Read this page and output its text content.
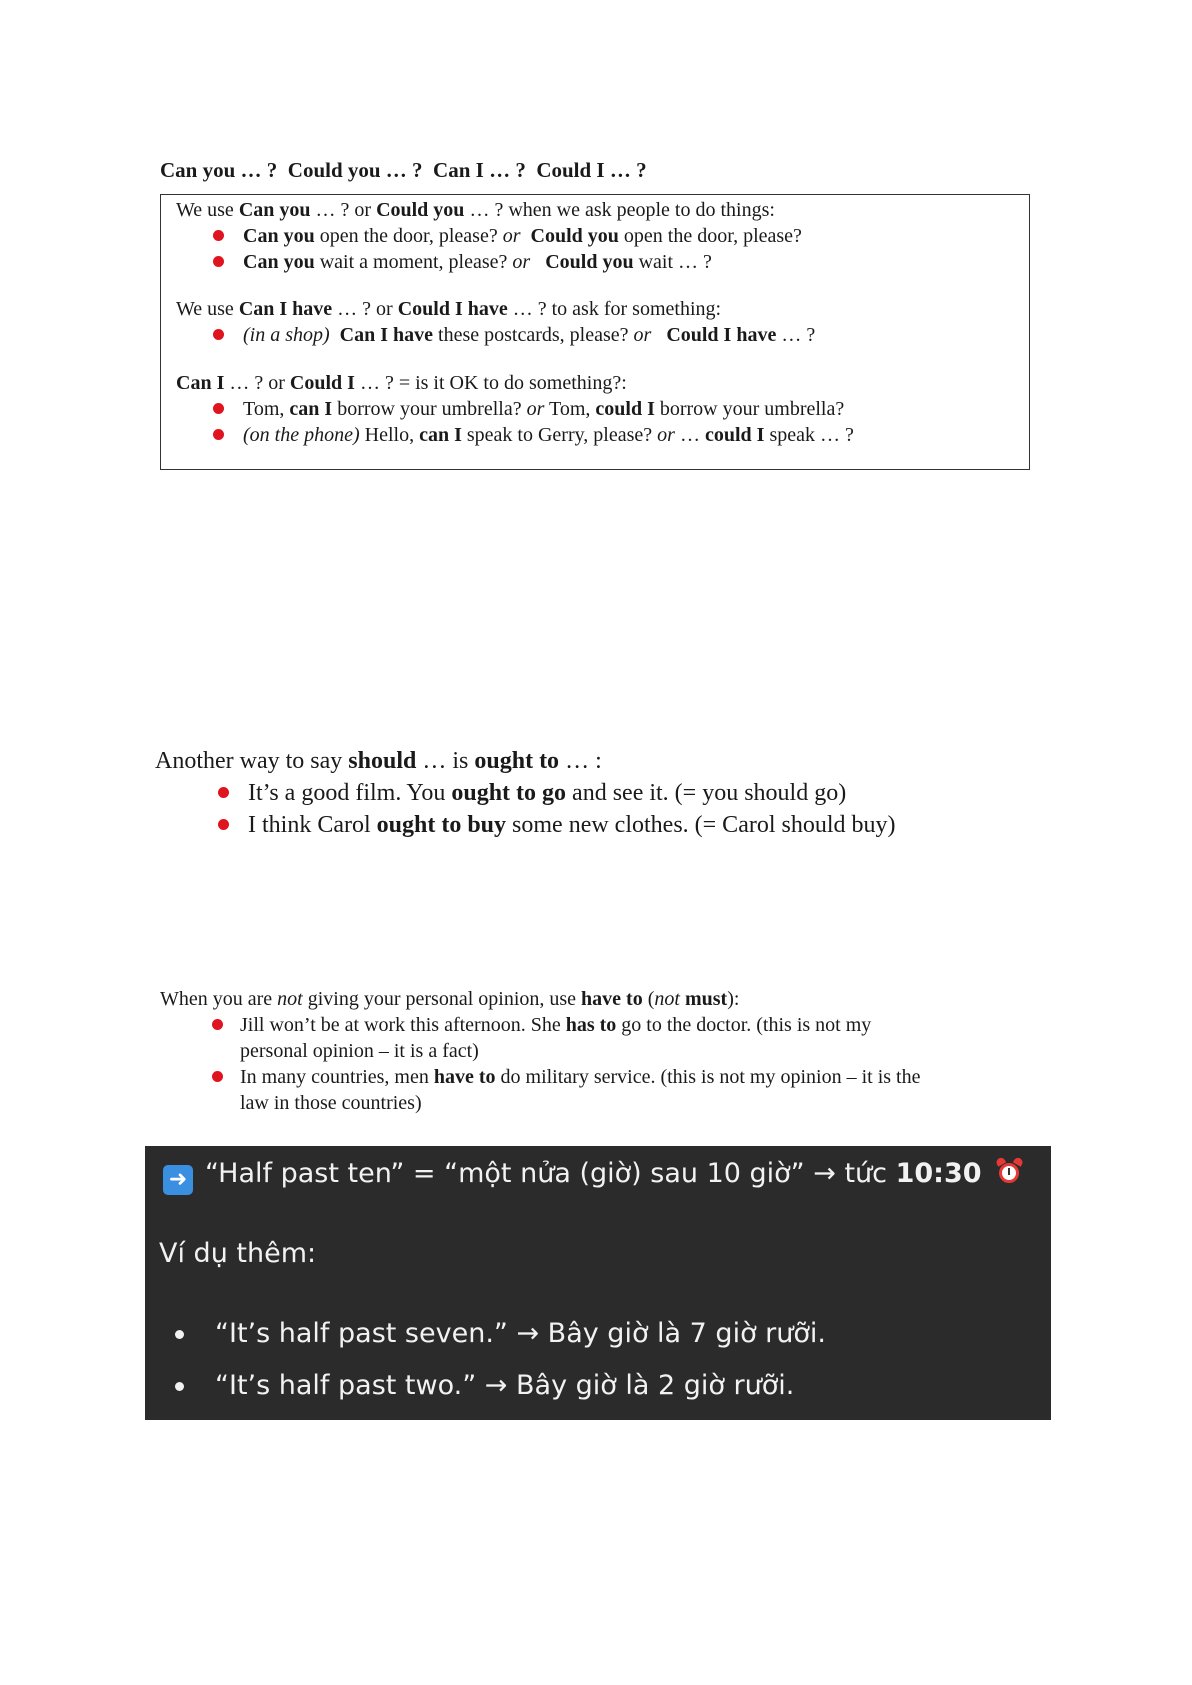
Can you … ?  Could you … ?  Can I … ?  Could I … ?
We use Can you … ? or Could you … ? when we ask people to do things:
Can you open the door, please? or Could you open the door, please?
Can you wait a moment, please? or Could you wait … ?
We use Can I have … ? or Could I have … ? to ask for something:
(in a shop) Can I have these postcards, please? or Could I have … ?
Can I … ? or Could I … ? = is it OK to do something?:
Tom, can I borrow your umbrella? or Tom, could I borrow your umbrella?
(on the phone) Hello, can I speak to Gerry, please? or … could I speak … ?
Another way to say should … is ought to … :
It’s a good film. You ought to go and see it. (= you should go)
I think Carol ought to buy some new clothes. (= Carol should buy)
When you are not giving your personal opinion, use have to (not must):
Jill won’t be at work this afternoon. She has to go to the doctor. (this is not my
personal opinion – it is a fact)
In many countries, men have to do military service. (this is not my opinion – it is the
law in those countries)
➜ “Half past ten” = “một nửa (giờ) sau 10 giờ” → tức 10:30
Ví dụ thêm:
“It’s half past seven.” → Bây giờ là 7 giờ rưỡi.
“It’s half past two.” → Bây giờ là 2 giờ rưỡi.
